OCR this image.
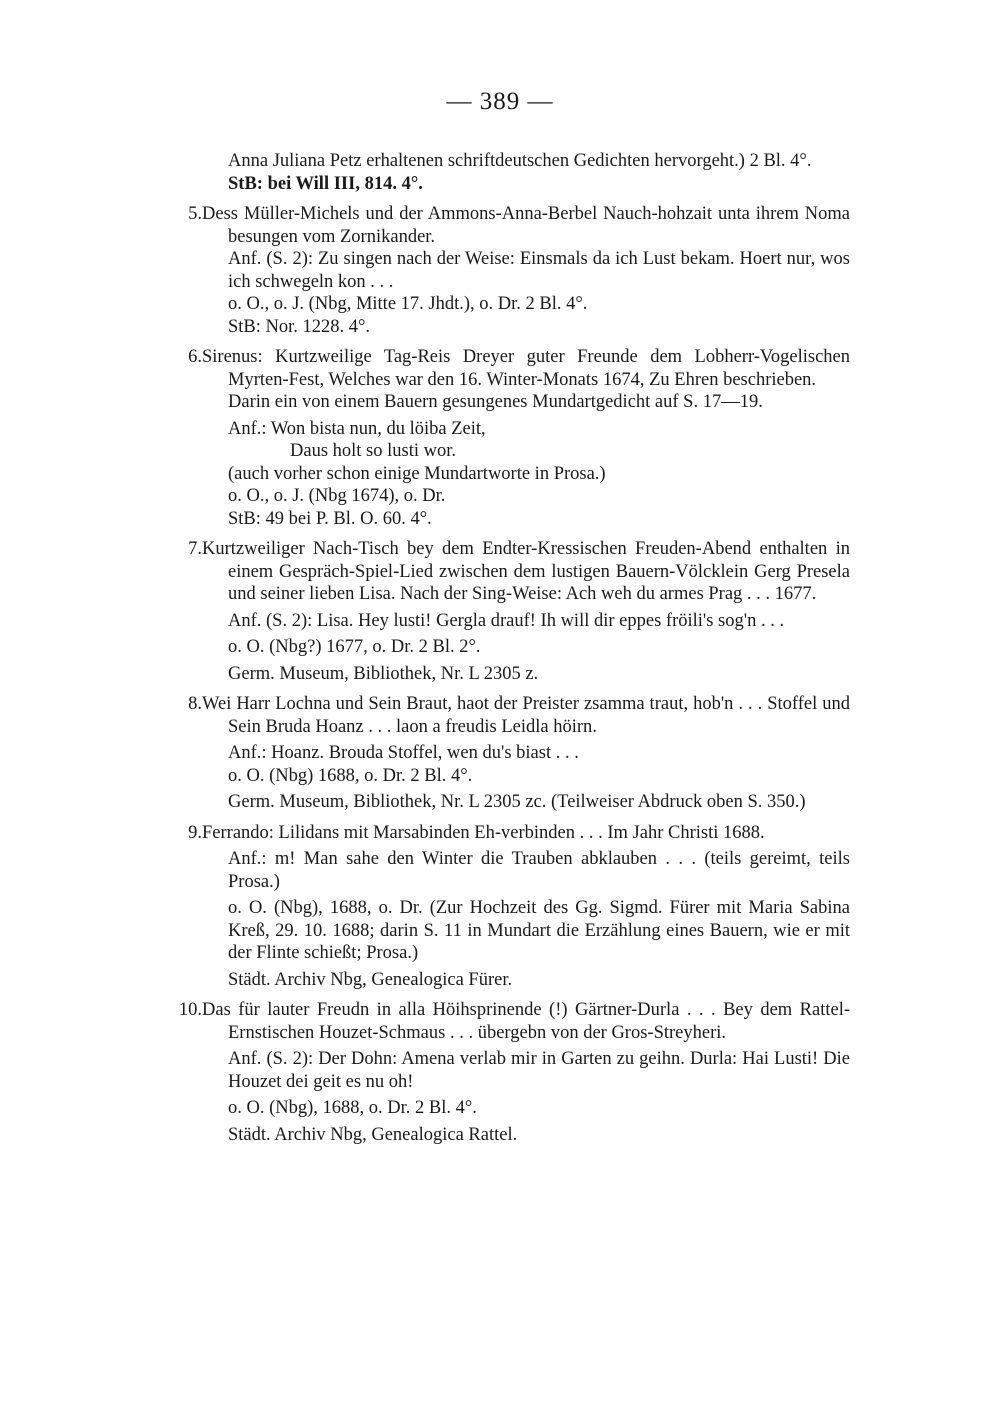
— 389 —

Anna Juliana Petz erhaltenen schriftdeutschen Gedichten hervorgeht.) 2 Bl. 4°.

StB: bei Will III, 814. 4°.

5. Dess Müller-Michels und der Ammons-Anna-Berbel Nauch-hohzait unta ihrem Noma besungen vom Zornikander.

Anf. (S. 2): Zu singen nach der Weise: Einsmals da ich Lust bekam. Hoert nur, wos ich schwegeln kon . . .

o. O., o. J. (Nbg, Mitte 17. Jhdt.), o. Dr. 2 Bl. 4°.

StB: Nor. 1228. 4°.

6. Sirenus: Kurtzweilige Tag-Reis Dreyer guter Freunde dem Lobherr-Vogelischen Myrten-Fest, Welches war den 16. Winter-Monats 1674, Zu Ehren beschrieben.

Darin ein von einem Bauern gesungenes Mundartgedicht auf S. 17—19.

Anf.: Won bista nun, du löiba Zeit,

Daus holt so lusti wor.

(auch vorher schon einige Mundartworte in Prosa.)

o. O., o. J. (Nbg 1674), o. Dr.

StB: 49 bei P. Bl. O. 60. 4°.

7. Kurtzweiliger Nach-Tisch bey dem Endter-Kressischen Freuden-Abend enthalten in einem Gespräch-Spiel-Lied zwischen dem lustigen Bauern-Völcklein Gerg Presela und seiner lieben Lisa. Nach der Sing-Weise: Ach weh du armes Prag . . . 1677.

Anf. (S. 2): Lisa. Hey lusti! Gergla drauf! Ih will dir eppes fröili's sog'n . . .

o. O. (Nbg?) 1677, o. Dr. 2 Bl. 2°.

Germ. Museum, Bibliothek, Nr. L 2305 z.

8. Wei Harr Lochna und Sein Braut, haot der Preister zsamma traut, hob'n . . . Stoffel und Sein Bruda Hoanz . . . laon a freudis Leidla höirn.

Anf.: Hoanz. Brouda Stoffel, wen du's biast . . .

o. O. (Nbg) 1688, o. Dr. 2 Bl. 4°.

Germ. Museum, Bibliothek, Nr. L 2305 zc. (Teilweiser Abdruck oben S. 350.)

9. Ferrando: Lilidans mit Marsabinden Eh-verbinden . . . Im Jahr Christi 1688.

Anf.: m! Man sahe den Winter die Trauben abklauben . . . (teils gereimt, teils Prosa.)

o. O. (Nbg), 1688, o. Dr. (Zur Hochzeit des Gg. Sigmd. Fürer mit Maria Sabina Kreß, 29. 10. 1688; darin S. 11 in Mundart die Erzählung eines Bauern, wie er mit der Flinte schießt; Prosa.)

Städt. Archiv Nbg, Genealogica Fürer.

10. Das für lauter Freudn in alla Höihsprinende (!) Gärtner-Durla . . . Bey dem Rattel-Ernstischen Houzet-Schmaus . . . übergebn von der Gros-Streyheri.

Anf. (S. 2): Der Dohn: Amena verlab mir in Garten zu geihn. Durla: Hai Lusti! Die Houzet dei geit es nu oh!

o. O. (Nbg), 1688, o. Dr. 2 Bl. 4°.

Städt. Archiv Nbg, Genealogica Rattel.
